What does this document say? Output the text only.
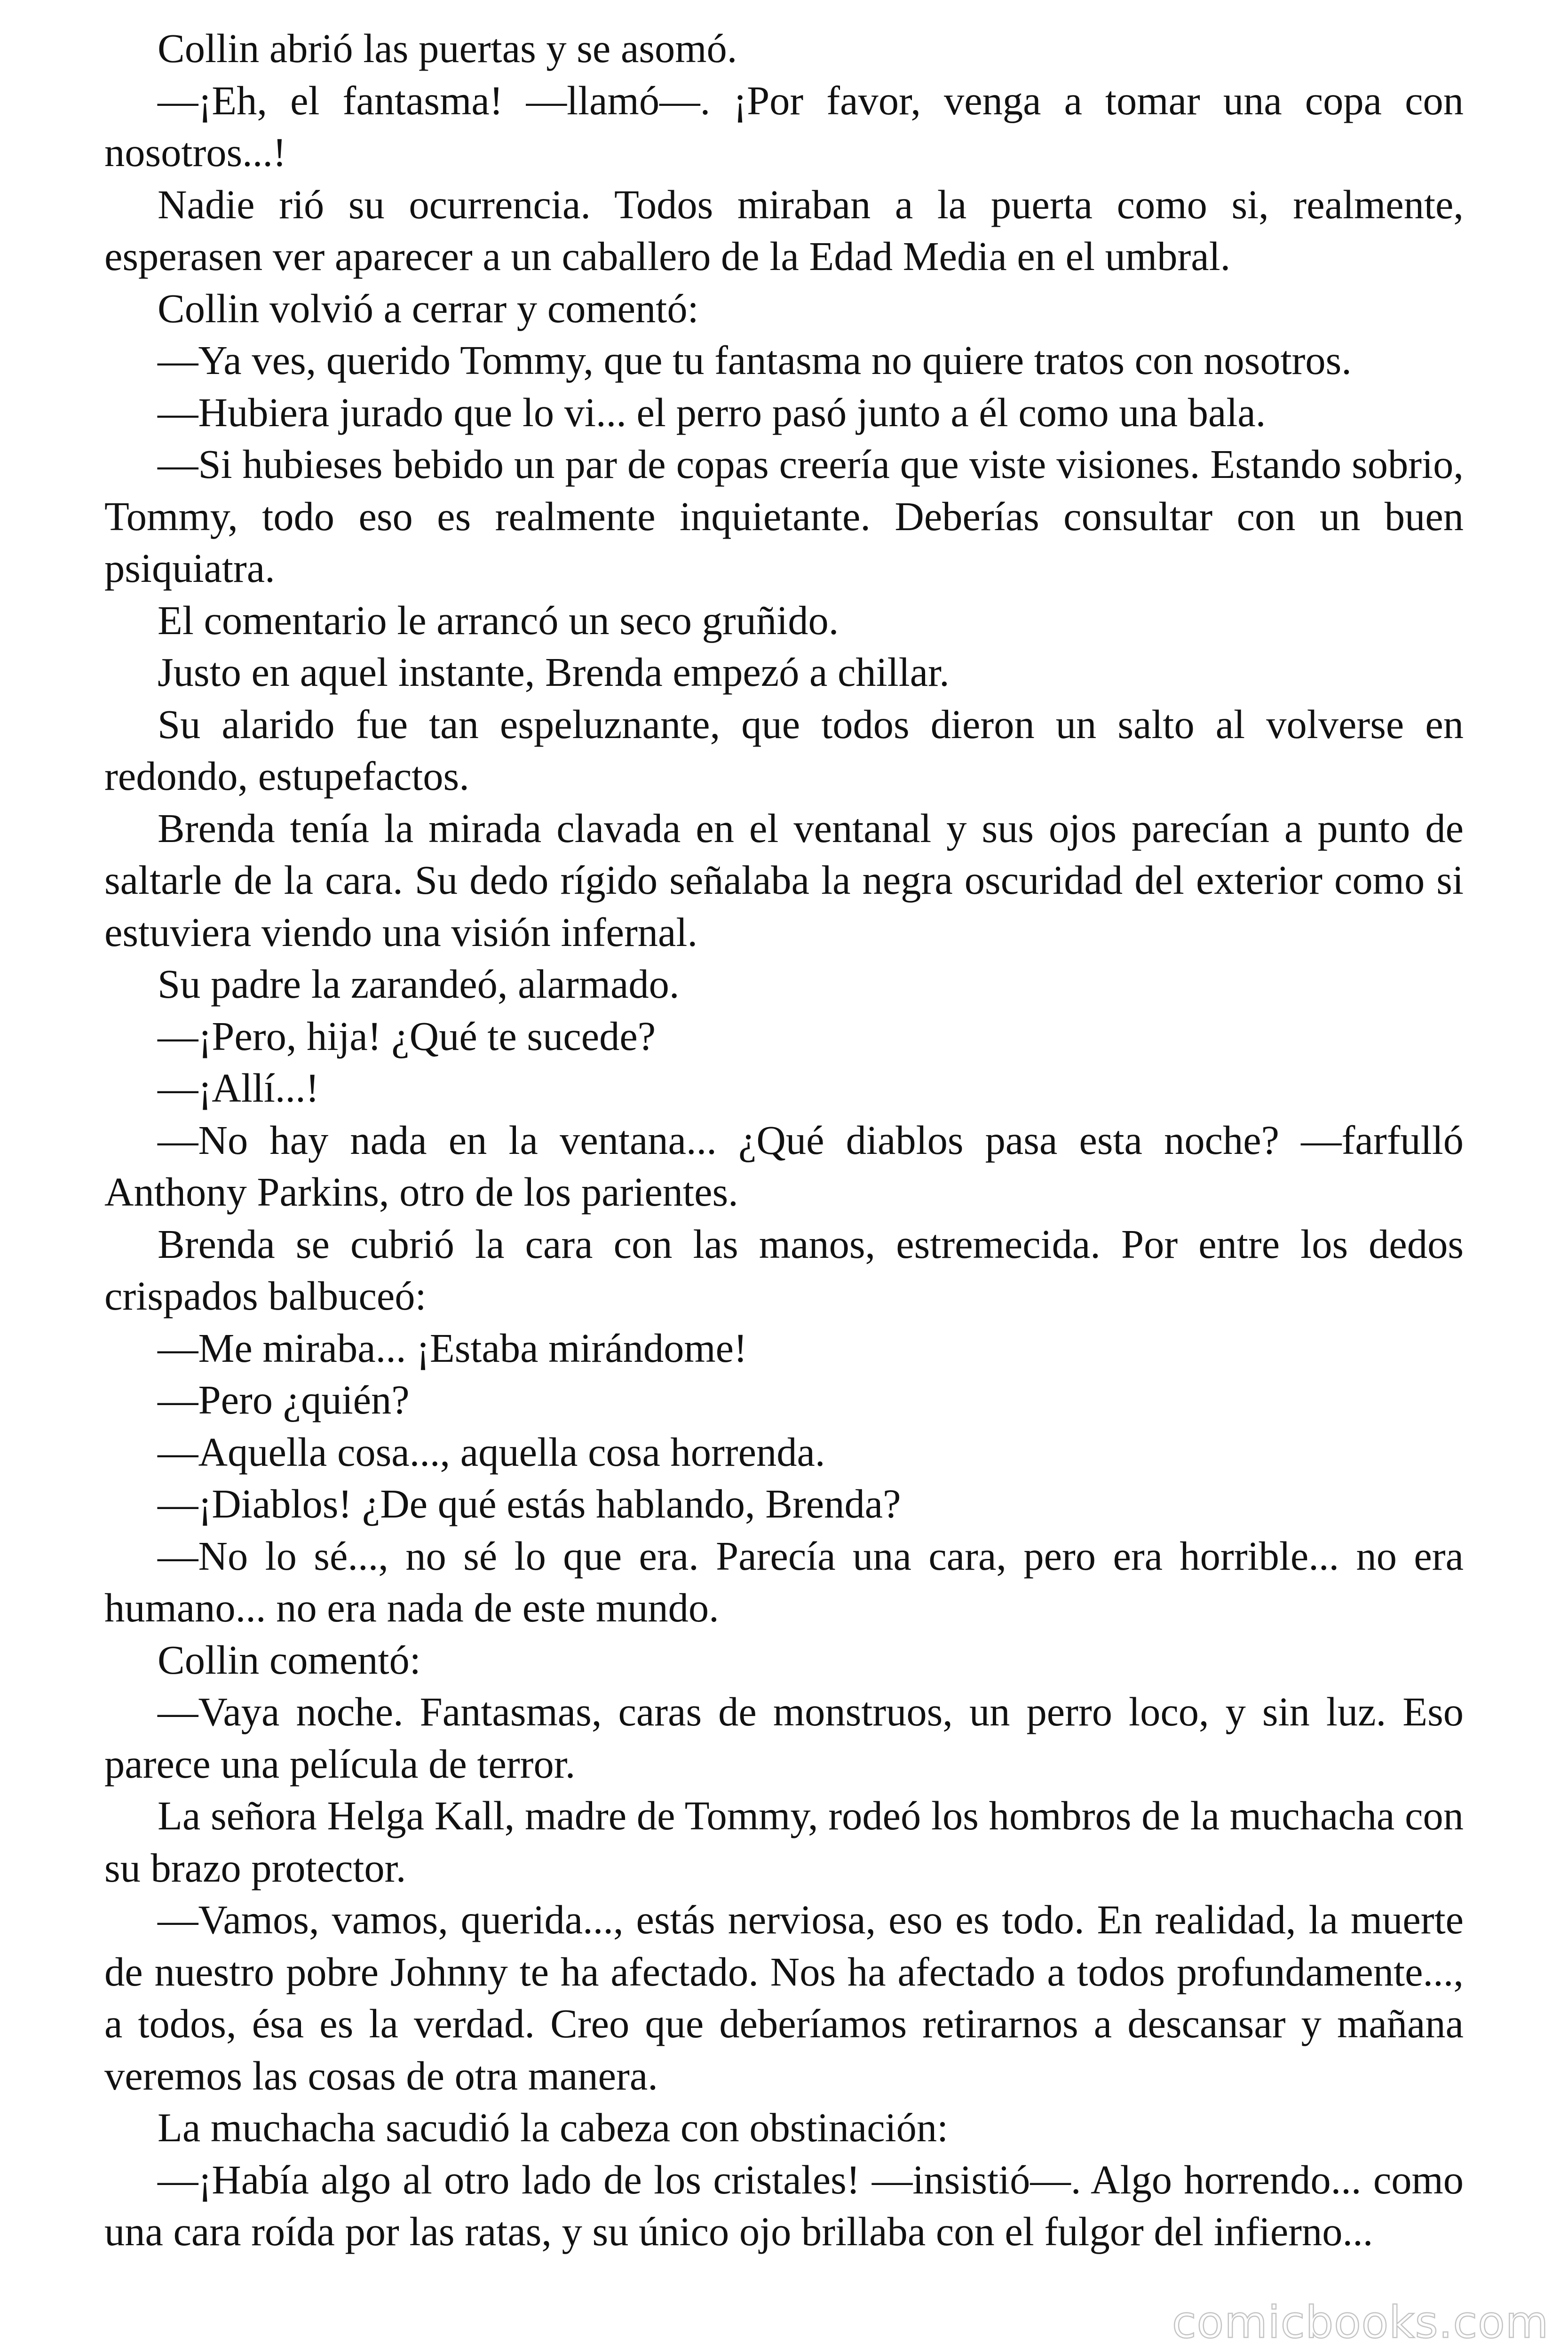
Collin abrió las puertas y se asomó.

—¡Eh, el fantasma! —llamó—. ¡Por favor, venga a tomar una copa con nosotros...!

Nadie rió su ocurrencia. Todos miraban a la puerta como si, realmente, esperasen ver aparecer a un caballero de la Edad Media en el umbral.

Collin volvió a cerrar y comentó:

—Ya ves, querido Tommy, que tu fantasma no quiere tratos con nosotros.

—Hubiera jurado que lo vi... el perro pasó junto a él como una bala.

—Si hubieses bebido un par de copas creería que viste visiones. Estando sobrio, Tommy, todo eso es realmente inquietante. Deberías consultar con un buen psiquiatra.

El comentario le arrancó un seco gruñido.

Justo en aquel instante, Brenda empezó a chillar.

Su alarido fue tan espeluznante, que todos dieron un salto al volverse en redondo, estupefactos.

Brenda tenía la mirada clavada en el ventanal y sus ojos parecían a punto de saltarle de la cara. Su dedo rígido señalaba la negra oscuridad del exterior como si estuviera viendo una visión infernal.

Su padre la zarandeó, alarmado.

—¡Pero, hija! ¿Qué te sucede?

—¡Allí...!

—No hay nada en la ventana... ¿Qué diablos pasa esta noche? —farfulló Anthony Parkins, otro de los parientes.

Brenda se cubrió la cara con las manos, estremecida. Por entre los dedos crispados balbuceó:

—Me miraba... ¡Estaba mirándome!

—Pero ¿quién?

—Aquella cosa..., aquella cosa horrenda.

—¡Diablos! ¿De qué estás hablando, Brenda?

—No lo sé..., no sé lo que era. Parecía una cara, pero era horrible... no era humano... no era nada de este mundo.

Collin comentó:

—Vaya noche. Fantasmas, caras de monstruos, un perro loco, y sin luz. Eso parece una película de terror.

La señora Helga Kall, madre de Tommy, rodeó los hombros de la muchacha con su brazo protector.

—Vamos, vamos, querida..., estás nerviosa, eso es todo. En realidad, la muerte de nuestro pobre Johnny te ha afectado. Nos ha afectado a todos profundamente..., a todos, ésa es la verdad. Creo que deberíamos retirarnos a descansar y mañana veremos las cosas de otra manera.

La muchacha sacudió la cabeza con obstinación:

—¡Había algo al otro lado de los cristales! —insistió—. Algo horrendo... como una cara roída por las ratas, y su único ojo brillaba con el fulgor del infierno...

comicbooks.com
